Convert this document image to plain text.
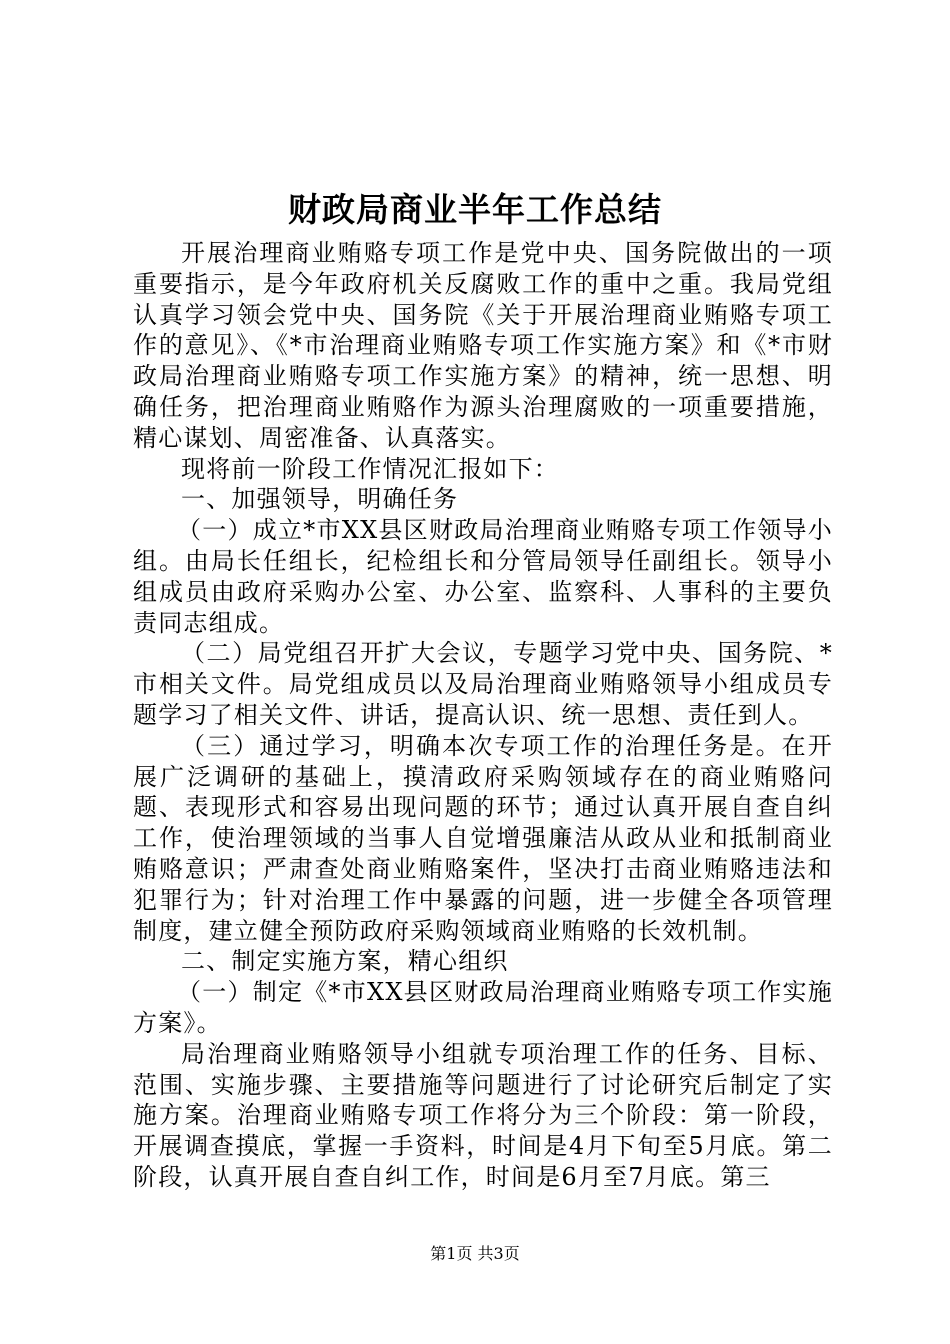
财政局商业半年工作总结

开展治理商业贿赂专项工作是党中央、国务院做出的一项重要指示，是今年政府机关反腐败工作的重中之重。我局党组认真学习领会党中央、国务院《关于开展治理商业贿赂专项工作的意见》、《*市治理商业贿赂专项工作实施方案》和《*市财政局治理商业贿赂专项工作实施方案》的精神，统一思想、明确任务，把治理商业贿赂作为源头治理腐败的一项重要措施，精心谋划、周密准备、认真落实。

现将前一阶段工作情况汇报如下：

一、加强领导，明确任务

（一）成立*市XX县区财政局治理商业贿赂专项工作领导小组。由局长任组长，纪检组长和分管局领导任副组长。领导小组成员由政府采购办公室、办公室、监察科、人事科的主要负责同志组成。

（二）局党组召开扩大会议，专题学习党中央、国务院、*市相关文件。局党组成员以及局治理商业贿赂领导小组成员专题学习了相关文件、讲话，提高认识、统一思想、责任到人。

（三）通过学习，明确本次专项工作的治理任务是。在开展广泛调研的基础上，摸清政府采购领域存在的商业贿赂问题、表现形式和容易出现问题的环节；通过认真开展自查自纠工作，使治理领域的当事人自觉增强廉洁从政从业和抵制商业贿赂意识；严肃查处商业贿赂案件，坚决打击商业贿赂违法和犯罪行为；针对治理工作中暴露的问题，进一步健全各项管理制度，建立健全预防政府采购领域商业贿赂的长效机制。

二、制定实施方案，精心组织

（一）制定《*市XX县区财政局治理商业贿赂专项工作实施方案》。

局治理商业贿赂领导小组就专项治理工作的任务、目标、范围、实施步骤、主要措施等问题进行了讨论研究后制定了实施方案。治理商业贿赂专项工作将分为三个阶段：第一阶段，开展调查摸底，掌握一手资料，时间是4月下旬至5月底。第二阶段，认真开展自查自纠工作，时间是6月至7月底。第三

第1页 共3页
